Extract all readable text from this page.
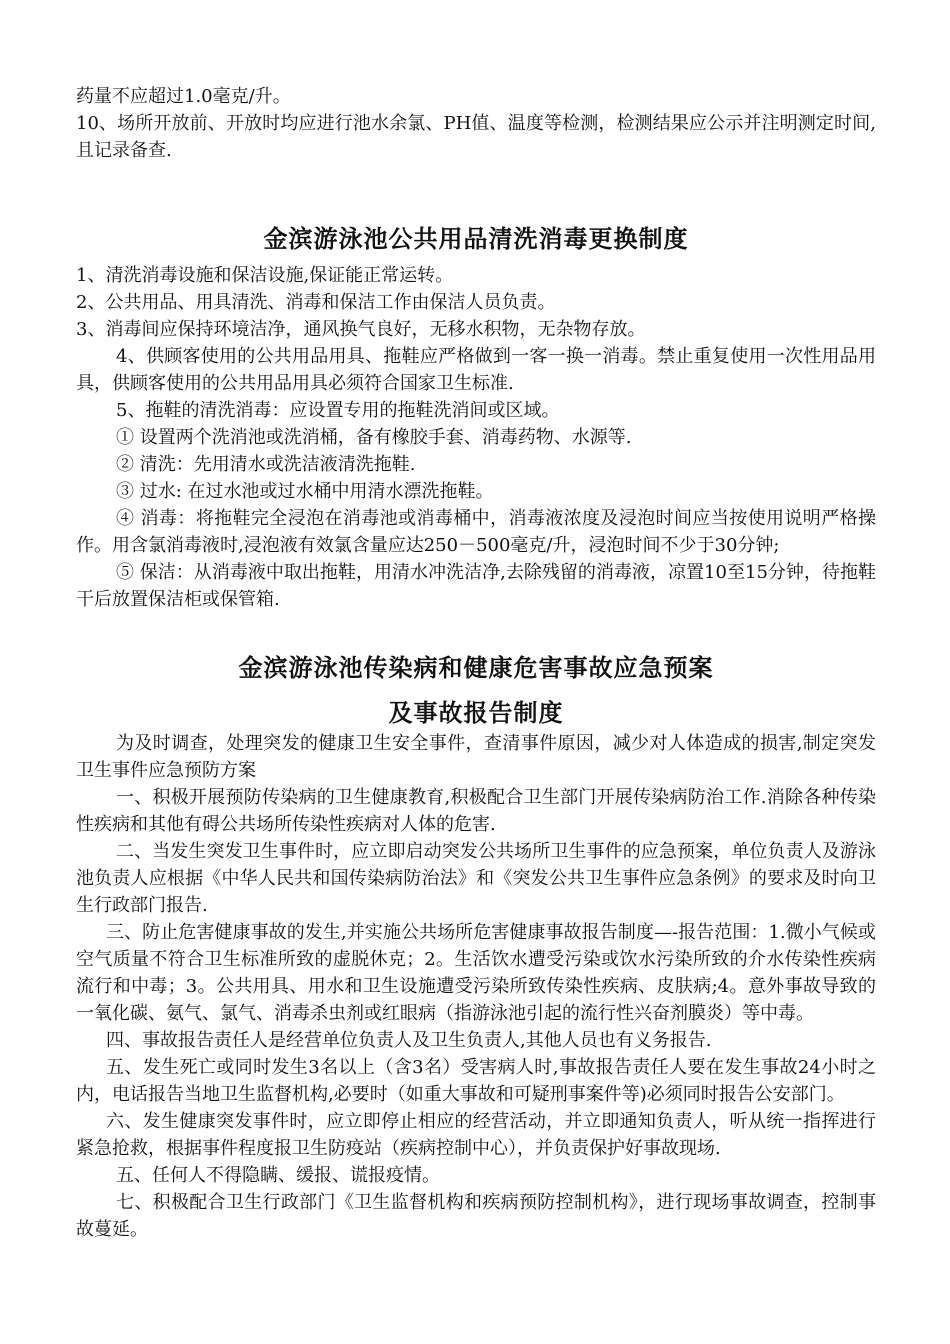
药量不应超过1.0毫克/升。

10、场所开放前、开放时均应进行池水余氯、PH值、温度等检测，检测结果应公示并注明测定时间,且记录备查.

金滨游泳池公共用品清洗消毒更换制度

1、清洗消毒设施和保洁设施,保证能正常运转。

2、公共用品、用具清洗、消毒和保洁工作由保洁人员负责。

3、消毒间应保持环境洁净，通风换气良好，无移水积物，无杂物存放。

4、供顾客使用的公共用品用具、拖鞋应严格做到一客一换一消毒。禁止重复使用一次性用品用具，供顾客使用的公共用品用具必须符合国家卫生标准.

5、拖鞋的清洗消毒：应设置专用的拖鞋洗消间或区域。

① 设置两个洗消池或洗消桶，备有橡胶手套、消毒药物、水源等.

② 清洗：先用清水或洗洁液清洗拖鞋.

③ 过水: 在过水池或过水桶中用清水漂洗拖鞋。

④ 消毒：将拖鞋完全浸泡在消毒池或消毒桶中，消毒液浓度及浸泡时间应当按使用说明严格操作。用含氯消毒液时,浸泡液有效氯含量应达250－500毫克/升，浸泡时间不少于30分钟;

⑤ 保洁：从消毒液中取出拖鞋，用清水冲洗洁净,去除残留的消毒液，凉置10至15分钟，待拖鞋干后放置保洁柜或保管箱.

金滨游泳池传染病和健康危害事故应急预案
及事故报告制度

为及时调查，处理突发的健康卫生安全事件，查清事件原因，减少对人体造成的损害,制定突发卫生事件应急预防方案

一、积极开展预防传染病的卫生健康教育,积极配合卫生部门开展传染病防治工作.消除各种传染性疾病和其他有碍公共场所传染性疾病对人体的危害.

二、当发生突发卫生事件时，应立即启动突发公共场所卫生事件的应急预案，单位负责人及游泳池负责人应根据《中华人民共和国传染病防治法》和《突发公共卫生事件应急条例》的要求及时向卫生行政部门报告.

三、防止危害健康事故的发生,并实施公共场所危害健康事故报告制度—-报告范围：1.微小气候或空气质量不符合卫生标准所致的虚脱休克；2。生活饮水遭受污染或饮水污染所致的介水传染性疾病流行和中毒；3。公共用具、用水和卫生设施遭受污染所致传染性疾病、皮肤病;4。意外事故导致的一氧化碳、氨气、氯气、消毒杀虫剂或红眼病（指游泳池引起的流行性兴奋剂膜炎）等中毒。

四、事故报告责任人是经营单位负责人及卫生负责人,其他人员也有义务报告.

五、发生死亡或同时发生3名以上（含3名）受害病人时,事故报告责任人要在发生事故24小时之内，电话报告当地卫生监督机构,必要时（如重大事故和可疑刑事案件等)必须同时报告公安部门。

六、发生健康突发事件时，应立即停止相应的经营活动，并立即通知负责人，听从统一指挥进行紧急抢救，根据事件程度报卫生防疫站（疾病控制中心），并负责保护好事故现场.

五、任何人不得隐瞒、缓报、谎报疫情。

七、积极配合卫生行政部门《卫生监督机构和疾病预防控制机构》，进行现场事故调查，控制事故蔓延。
